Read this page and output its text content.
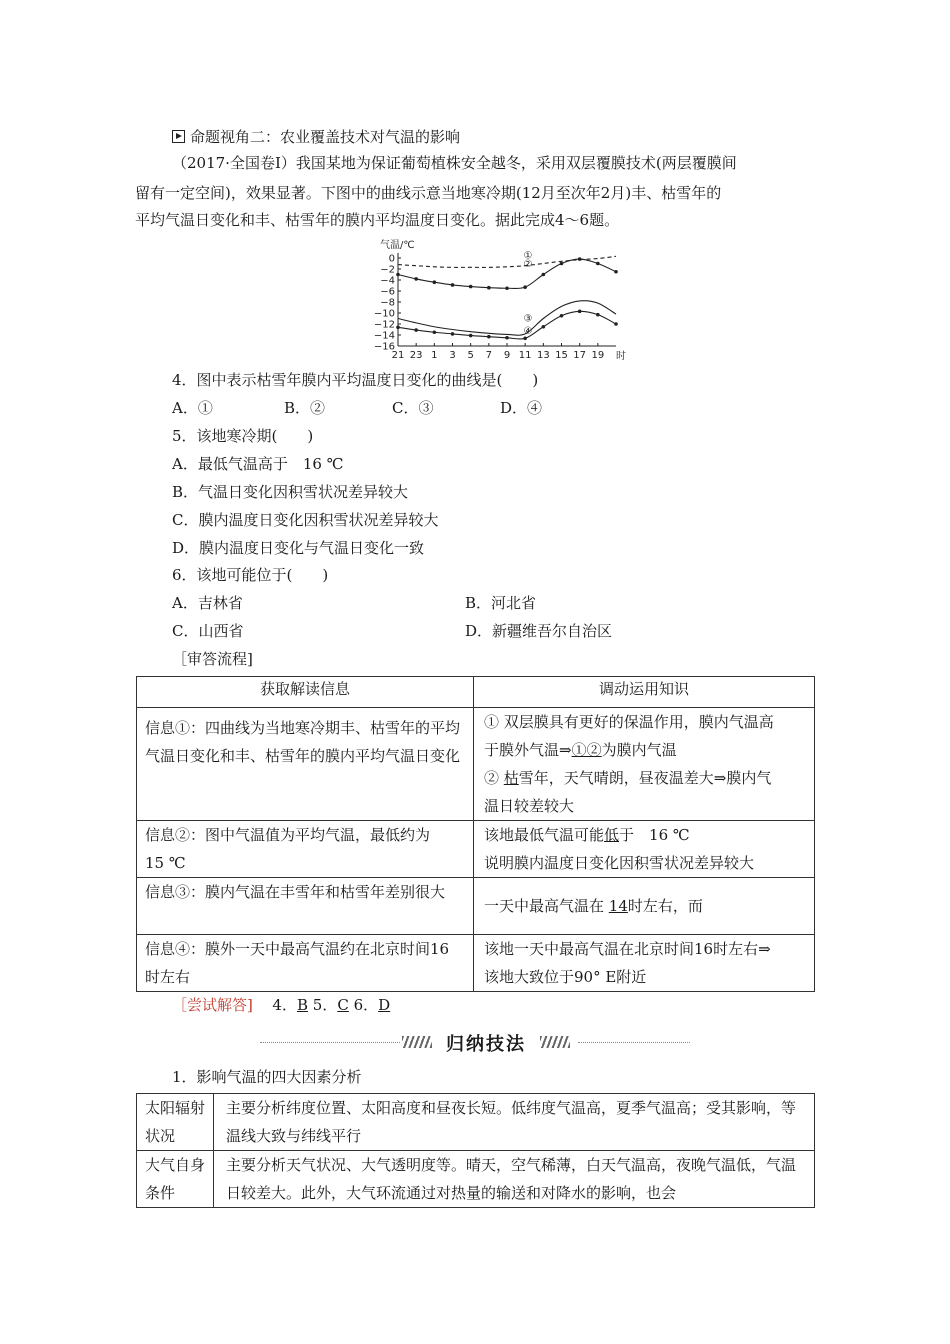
命题视角二：农业覆盖技术对气温的影响
（2017·全国卷Ⅰ）我国某地为保证葡萄植株安全越冬，采用双层覆膜技术(两层覆膜间
留有一定空间)，效果显著。下图中的曲线示意当地寒冷期(12月至次年2月)丰、枯雪年的
平均气温日变化和丰、枯雪年的膜内平均温度日变化。据此完成4～6题。
气温/℃
0
−2
−4
−6
−8
−10
−12
−14
−16
21 23 1 3 5 7 9 11 13 15 17 19
①
②
③
④
时
4．图中表示枯雪年膜内平均温度日变化的曲线是(　　)
A．①	B．②	C．③	D．④
5．该地寒冷期(　　)
A．最低气温高于　16 ℃
B．气温日变化因积雪状况差异较大
C．膜内温度日变化因积雪状况差异较大
D．膜内温度日变化与气温日变化一致
6．该地可能位于(　　)
A．吉林省	B．河北省
C．山西省	D．新疆维吾尔自治区
［审答流程]
获取解读信息	调动运用知识
信息①：四曲线为当地寒冷期丰、枯雪年的平均气温日变化和丰、枯雪年的膜内平均气温日变化	① 双层膜具有更好的保温作用，膜内气温高
于膜外气温⇒①②为膜内气温
② 枯雪年，天气晴朗，昼夜温差大⇒膜内气
温日较差较大

信息②：图中气温值为平均气温，最低约为　15 ℃	该地最低气温可能低于　16 ℃
说明膜内温度日变化因积雪状况差异较大

信息③：膜内气温在丰雪年和枯雪年差别很大	一天中最高气温在 14时左右，而
信息④：膜外一天中最高气温约在北京时间16时左右	该地一天中最高气温在北京时间16时左右⇒
该地大致位于90° E附近
［尝试解答] 4．B 5．C 6．D
归纳技法
1．影响气温的四大因素分析
太阳辐射状况	主要分析纬度位置、太阳高度和昼夜长短。低纬度气温高，夏季气温高；受其影响，等温线大致与纬线平行
大气自身条件	主要分析天气状况、大气透明度等。晴天，空气稀薄，白天气温高，夜晚气温低，气温日较差大。此外，大气环流通过对热量的输送和对降水的影响，也会
